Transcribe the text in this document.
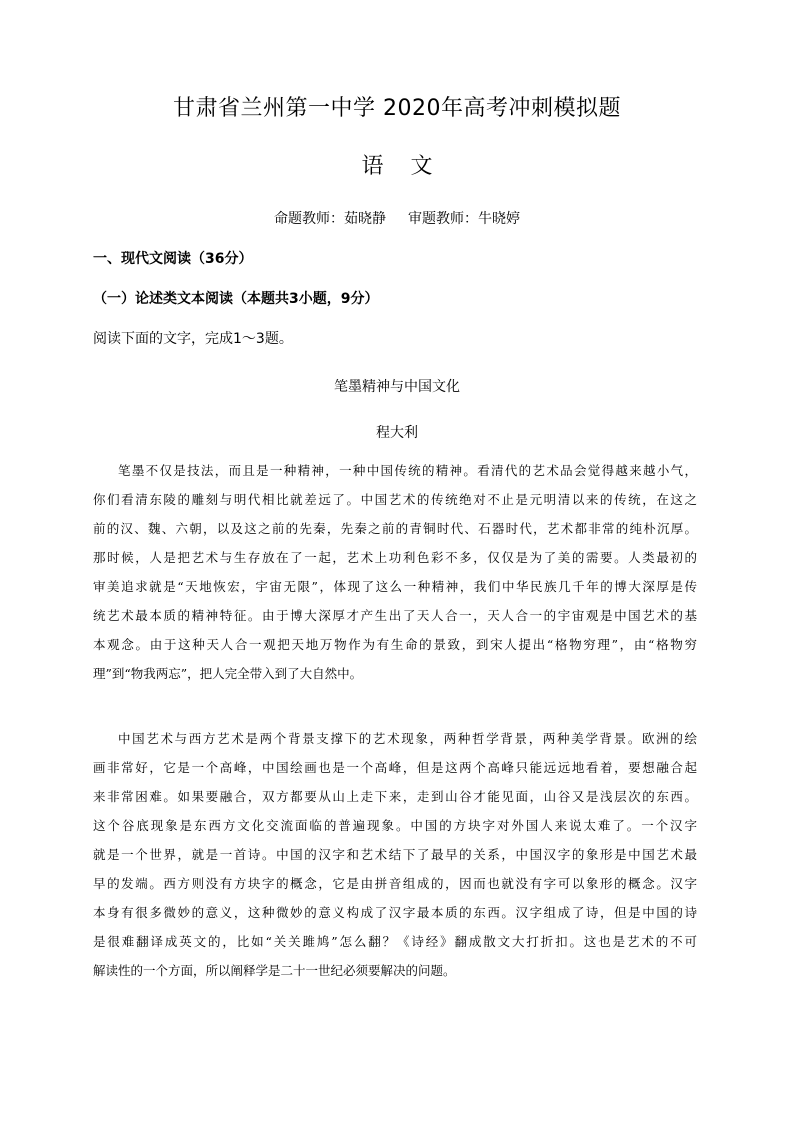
甘肃省兰州第一中学 2020年高考冲刺模拟题
语 文
命题教师：茹晓静 审题教师：牛晓婷
一、现代文阅读（36分）
（一）论述类文本阅读（本题共3小题，9分）
阅读下面的文字，完成1～3题。
笔墨精神与中国文化
程大利
笔墨不仅是技法，而且是一种精神，一种中国传统的精神。看清代的艺术品会觉得越来越小气，
你们看清东陵的雕刻与明代相比就差远了。中国艺术的传统绝对不止是元明清以来的传统，在这之
前的汉、魏、六朝，以及这之前的先秦，先秦之前的青铜时代、石器时代，艺术都非常的纯朴沉厚。
那时候，人是把艺术与生存放在了一起，艺术上功利色彩不多，仅仅是为了美的需要。人类最初的
审美追求就是“天地恢宏，宇宙无限”，体现了这么一种精神，我们中华民族几千年的博大深厚是传
统艺术最本质的精神特征。由于博大深厚才产生出了天人合一，天人合一的宇宙观是中国艺术的基
本观念。由于这种天人合一观把天地万物作为有生命的景致，到宋人提出“格物穷理”，由“格物穷
理”到“物我两忘”，把人完全带入到了大自然中。
中国艺术与西方艺术是两个背景支撑下的艺术现象，两种哲学背景，两种美学背景。欧洲的绘
画非常好，它是一个高峰，中国绘画也是一个高峰，但是这两个高峰只能远远地看着，要想融合起
来非常困难。如果要融合，双方都要从山上走下来，走到山谷才能见面，山谷又是浅层次的东西。
这个谷底现象是东西方文化交流面临的普遍现象。中国的方块字对外国人来说太难了。一个汉字
就是一个世界，就是一首诗。中国的汉字和艺术结下了最早的关系，中国汉字的象形是中国艺术最
早的发端。西方则没有方块字的概念，它是由拼音组成的，因而也就没有字可以象形的概念。汉字
本身有很多微妙的意义，这种微妙的意义构成了汉字最本质的东西。汉字组成了诗，但是中国的诗
是很难翻译成英文的，比如“关关雎鸠”怎么翻？《诗经》翻成散文大打折扣。这也是艺术的不可
解读性的一个方面，所以阐释学是二十一世纪必须要解决的问题。
